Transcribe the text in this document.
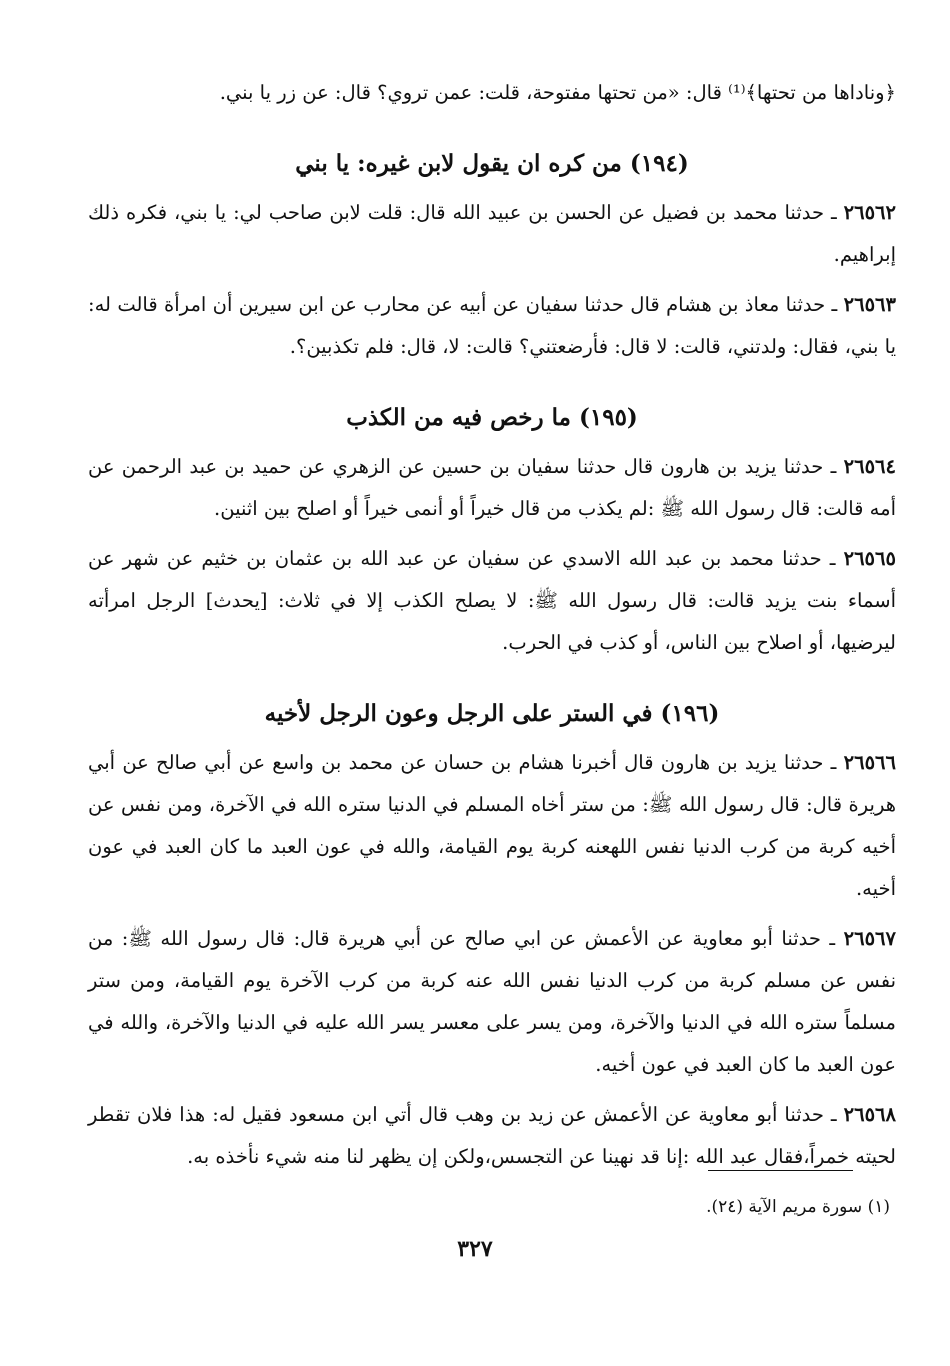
﴿وناداها من تحتها﴾⁽¹⁾ قال: «من تحتها مفتوحة، قلت: عمن تروي؟ قال: عن زر يا بني.

(١٩٤) من كره ان يقول لابن غيره: يا بني

٢٦٥٦٢ ـ حدثنا محمد بن فضيل عن الحسن بن عبيد الله قال: قلت لابن صاحب لي: يا بني، فكره ذلك إبراهيم.

٢٦٥٦٣ ـ حدثنا معاذ بن هشام قال حدثنا سفيان عن أبيه عن محارب عن ابن سيرين أن امرأة قالت له: يا بني، فقال: ولدتني، قالت: لا قال: فأرضعتني؟ قالت: لا، قال: فلم تكذبين؟.

(١٩٥) ما رخص فيه من الكذب

٢٦٥٦٤ ـ حدثنا يزيد بن هارون قال حدثنا سفيان بن حسين عن الزهري عن حميد بن عبد الرحمن عن أمه قالت: قال رسول الله ﷺ :لم يكذب من قال خيراً أو أنمى خيراً أو اصلح بين اثنين.

٢٦٥٦٥ ـ حدثنا محمد بن عبد الله الاسدي عن سفيان عن عبد الله بن عثمان بن خثيم عن شهر عن أسماء بنت يزيد قالت: قال رسول الله ﷺ: لا يصلح الكذب إلا في ثلاث: [يحدث] الرجل امرأته ليرضيها، أو اصلاح بين الناس، أو كذب في الحرب.

(١٩٦) في الستر على الرجل وعون الرجل لأخيه

٢٦٥٦٦ ـ حدثنا يزيد بن هارون قال أخبرنا هشام بن حسان عن محمد بن واسع عن أبي صالح عن أبي هريرة قال: قال رسول الله ﷺ: من ستر أخاه المسلم في الدنيا ستره الله في الآخرة، ومن نفس عن أخيه كربة من كرب الدنيا نفس اللهعنه كربة يوم القيامة، والله في عون العبد ما كان العبد في عون أخيه.

٢٦٥٦٧ ـ حدثنا أبو معاوية عن الأعمش عن ابي صالح عن أبي هريرة قال: قال رسول الله ﷺ: من نفس عن مسلم كربة من كرب الدنيا نفس الله عنه كربة من كرب الآخرة يوم القيامة، ومن ستر مسلماً ستره الله في الدنيا والآخرة، ومن يسر على معسر يسر الله عليه في الدنيا والآخرة، والله في عون العبد ما كان العبد في عون أخيه.

٢٦٥٦٨ ـ حدثنا أبو معاوية عن الأعمش عن زيد بن وهب قال أتي ابن مسعود فقيل له: هذا فلان تقطر لحيته خمراً،فقال عبد الله :إنا قد نهينا عن التجسس،ولكن إن يظهر لنا منه شيء نأخذه به.

(١) سورة مريم الآية (٢٤).
٣٢٧
